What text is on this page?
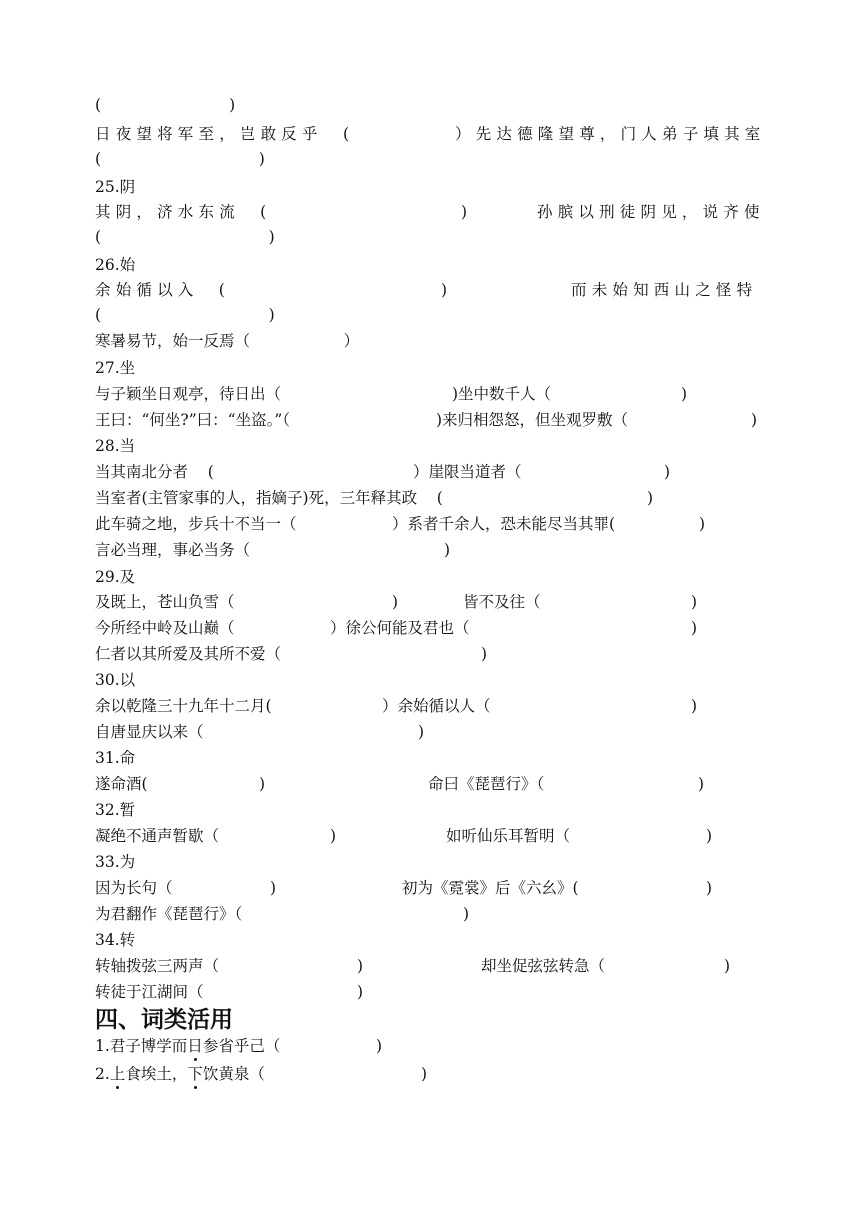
(                          )
日夜望将军至，岂敢反乎  (	）先达德隆望尊，门人弟子填其室
(                                )
25.阴
其阴，济水东流  (	)	孙膑以刑徒阴见，说齐使
(                                  )
26.始
余始循以入  (	)	而未始知西山之怪特
(                                  )
寒暑易节，始一反焉（                   ）
27.坐
与子颖坐日观亭，待日出（	)坐中数千人（	)
王曰：“何坐?”曰：“坐盗。”（	)来归相怨怒，但坐观罗敷（	)
28.当
当其南北分者    (	）崖限当道者（	)
当室者(主管家事的人，指嫡子)死，三年释其政    (	)
此车骑之地，步兵十不当一（	）系者千余人，恐未能尽当其罪(	)
言必当理，事必当务（	)
29.及
及既上，苍山负雪（	)	皆不及往（	)
今所经中岭及山巅（	）徐公何能及君也（	)
仁者以其所爱及其所不爱（	)
30.以
余以乾隆三十九年十二月(	）余始循以人（	)
自唐显庆以来（	)
31.命
遂命酒(	)	命曰《琵琶行》（	)
32.暂
凝绝不通声暂歇（	)	如听仙乐耳暂明（	)
33.为
因为长句（	)	初为《霓裳》后《六幺》(	)
为君翻作《琵琶行》（	)
34.转
转轴拨弦三两声（	)	却坐促弦弦转急（	)
转徒于江湖间（	)
四、词类活用
1.君子博学而日参省乎己（	)
2.上食埃土，下饮黄泉（	)
